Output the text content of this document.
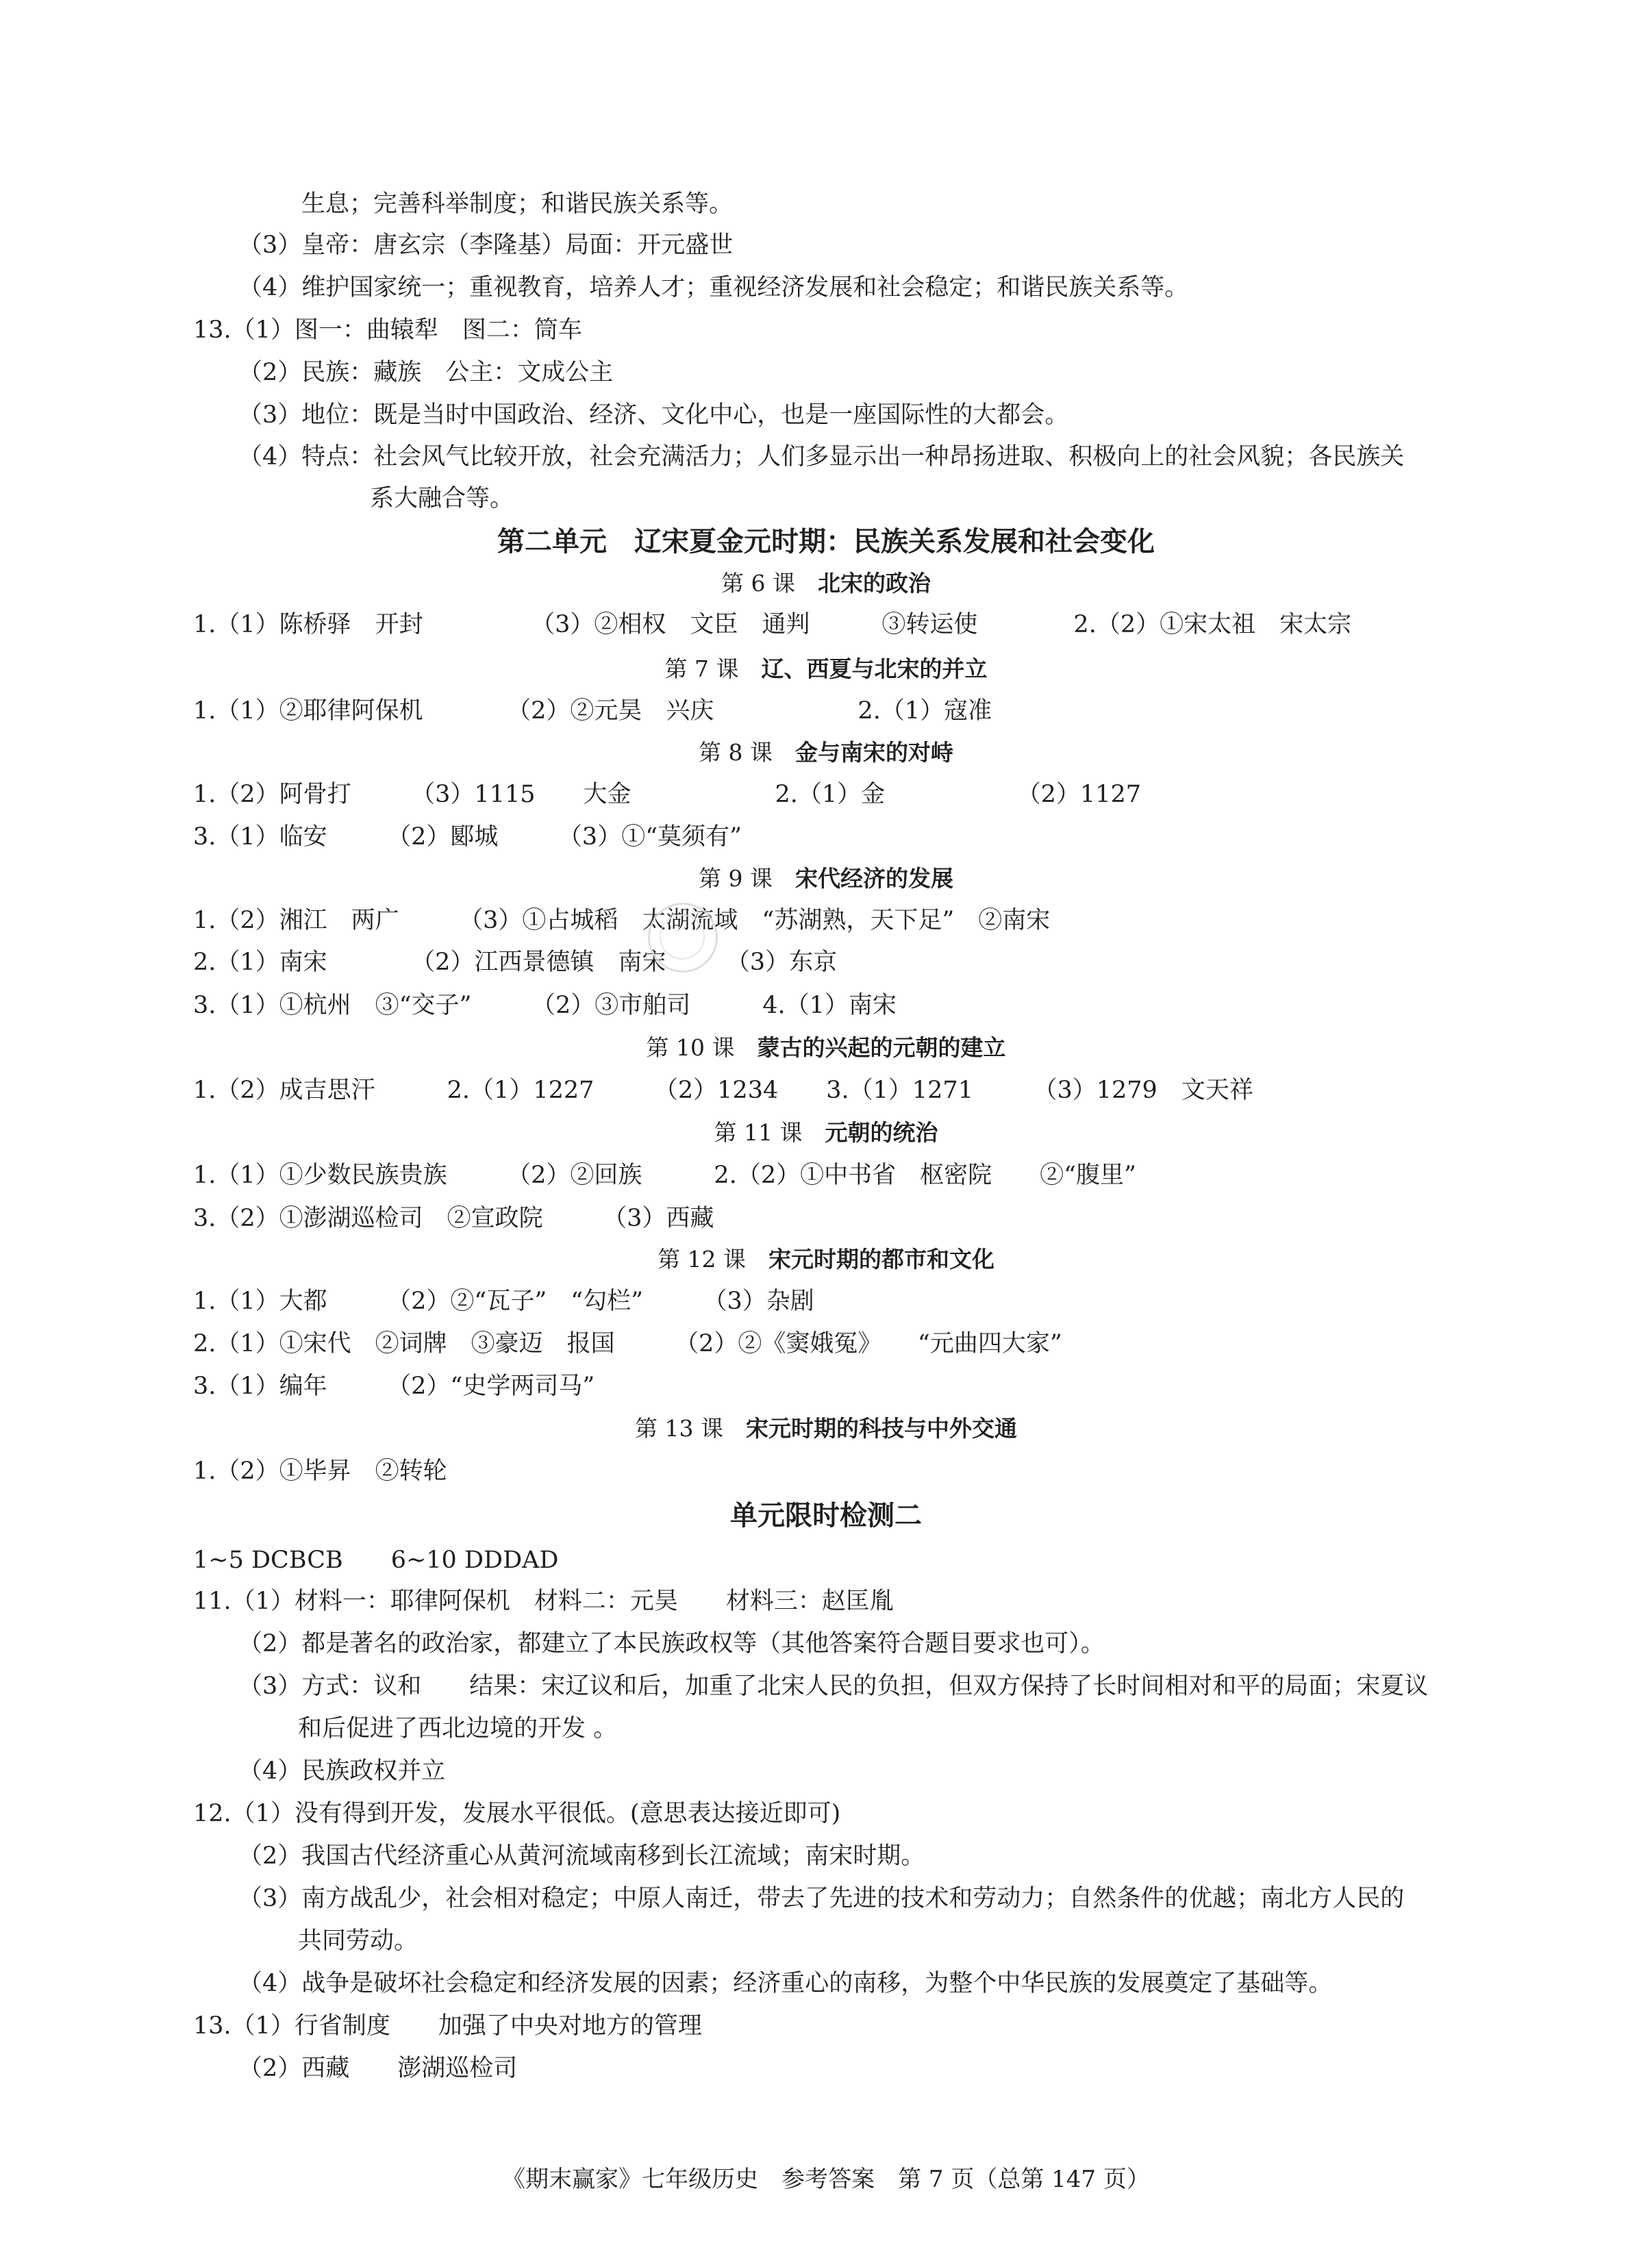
生息；完善科举制度；和谐民族关系等。
（3）皇帝：唐玄宗（李隆基）局面：开元盛世
（4）维护国家统一；重视教育，培养人才；重视经济发展和社会稳定；和谐民族关系等。
13.（1）图一：曲辕犁　图二：筒车
（2）民族：藏族　公主：文成公主
（3）地位：既是当时中国政治、经济、文化中心，也是一座国际性的大都会。
（4）特点：社会风气比较开放，社会充满活力；人们多显示出一种昂扬进取、积极向上的社会风貌；各民族关
系大融合等。
第二单元　辽宋夏金元时期：民族关系发展和社会变化
第 6 课　 北宋的政治
1.（1）陈桥驿　开封　　　　　（3）②相权　文臣　通判　　　③转运使　　　　2.（2）①宋太祖　宋太宗
第 7 课　 辽、西夏与北宋的并立
1.（1）②耶律阿保机　　　　（2）②元昊　兴庆　　　　　　2.（1）寇准
第 8 课　 金与南宋的对峙
1.（2）阿骨打　　　（3）1115　　大金　　　　　　2.（1）金　　　　　　（2）1127
3.（1）临安　　　（2）郾城　　　（3）①“莫须有”
第 9 课　 宋代经济的发展
1.（2）湘江　两广　　　（3）①占城稻　太湖流域　“苏湖熟，天下足”　②南宋
2.（1）南宋　　　　（2）江西景德镇　南宋　　　（3）东京
3.（1）①杭州　③“交子”　　　（2）③市舶司　　　4.（1）南宋
第 10 课　 蒙古的兴起的元朝的建立
1.（2）成吉思汗　　　2.（1）1227　　　（2）1234　　3.（1）1271　　　（3）1279　文天祥
第 11 课　 元朝的统治
1.（1）①少数民族贵族　　　（2）②回族　　　2.（2）①中书省　枢密院　　②“腹里”
3.（2）①澎湖巡检司　②宣政院　　　（3）西藏
第 12 课　 宋元时期的都市和文化
1.（1）大都　　　（2）②“瓦子”　“勾栏”　　　（3）杂剧
2.（1）①宋代　②词牌　③豪迈　报国　　　（2）②《窦娥冤》　　“元曲四大家”
3.（1）编年　　　（2）“史学两司马”
第 13 课　 宋元时期的科技与中外交通
1.（2）①毕昇　②转轮
单元限时检测二
1~5 DCBCB　　6~10 DDDAD
11.（1）材料一：耶律阿保机　材料二：元昊　　材料三：赵匡胤
（2）都是著名的政治家，都建立了本民族政权等（其他答案符合题目要求也可）。
（3）方式：议和　　结果：宋辽议和后，加重了北宋人民的负担，但双方保持了长时间相对和平的局面；宋夏议
和后促进了西北边境的开发 。
（4）民族政权并立
12.（1）没有得到开发，发展水平很低。(意思表达接近即可)
（2）我国古代经济重心从黄河流域南移到长江流域；南宋时期。
（3）南方战乱少，社会相对稳定；中原人南迁，带去了先进的技术和劳动力；自然条件的优越；南北方人民的
共同劳动。
（4）战争是破坏社会稳定和经济发展的因素；经济重心的南移，为整个中华民族的发展奠定了基础等。
13.（1）行省制度　　加强了中央对地方的管理
（2）西藏　　澎湖巡检司
《期末赢家》七年级历史　参考答案　第 7 页（总第 147 页）
